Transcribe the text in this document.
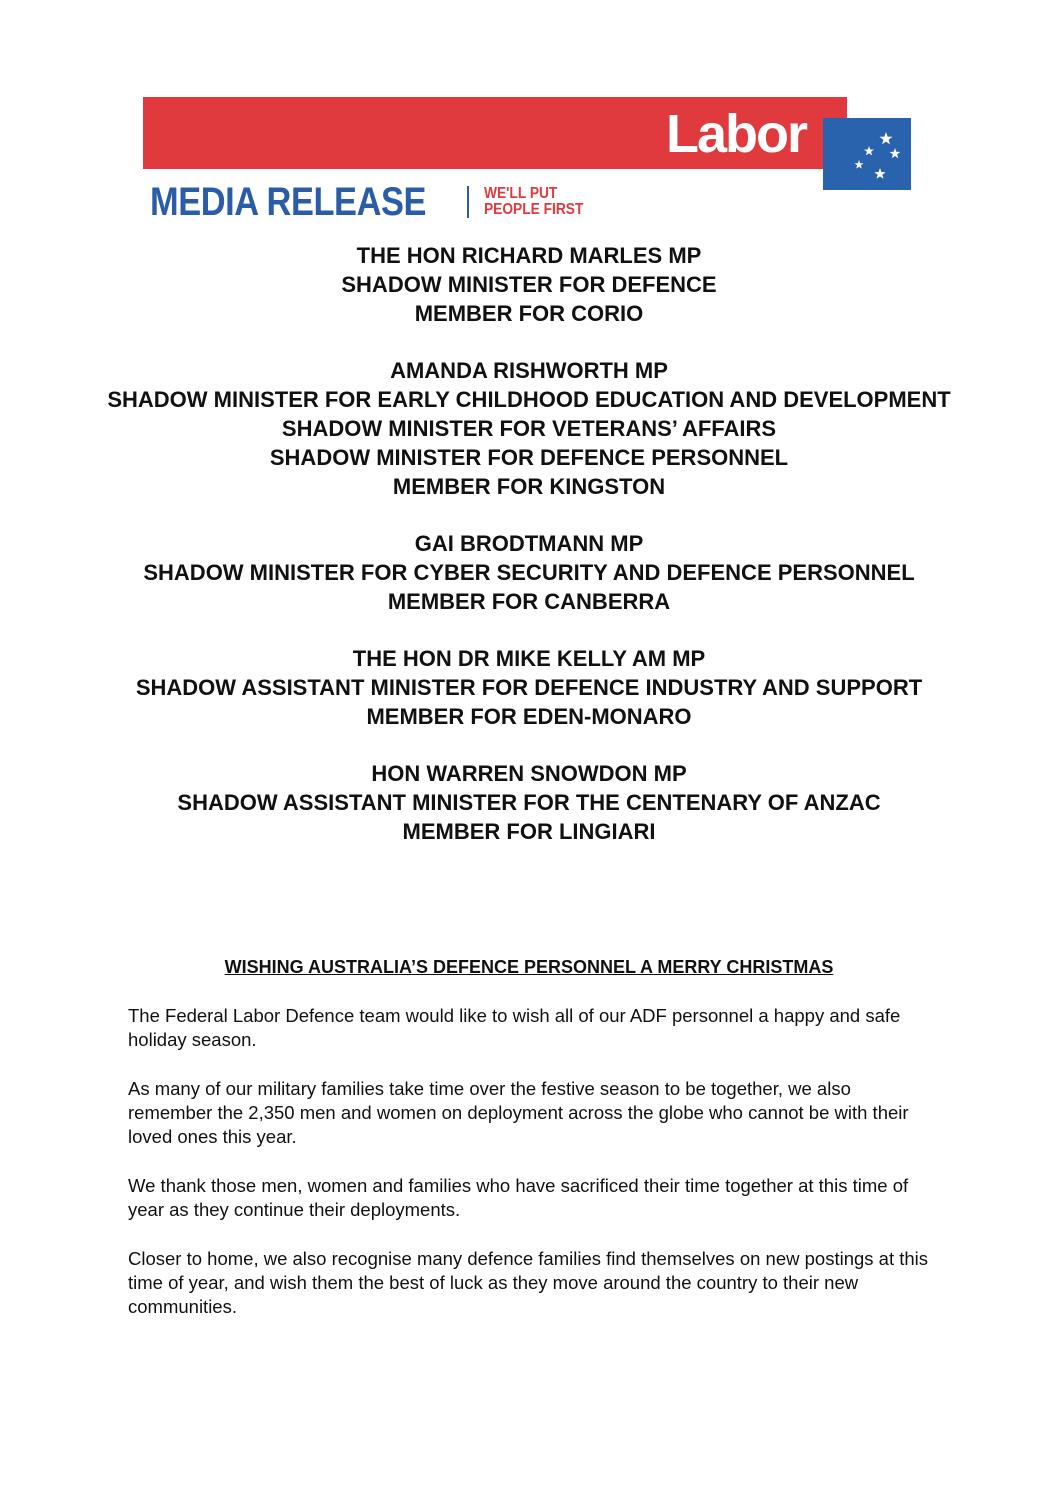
Labor
MEDIA RELEASE	WE'LL PUT
PEOPLE FIRST
THE HON RICHARD MARLES MP
SHADOW MINISTER FOR DEFENCE
MEMBER FOR CORIO
AMANDA RISHWORTH MP
SHADOW MINISTER FOR EARLY CHILDHOOD EDUCATION AND DEVELOPMENT
SHADOW MINISTER FOR VETERANS’ AFFAIRS
SHADOW MINISTER FOR DEFENCE PERSONNEL
MEMBER FOR KINGSTON
GAI BRODTMANN MP
SHADOW MINISTER FOR CYBER SECURITY AND DEFENCE PERSONNEL
MEMBER FOR CANBERRA
THE HON DR MIKE KELLY AM MP
SHADOW ASSISTANT MINISTER FOR DEFENCE INDUSTRY AND SUPPORT
MEMBER FOR EDEN-MONARO
HON WARREN SNOWDON MP
SHADOW ASSISTANT MINISTER FOR THE CENTENARY OF ANZAC
MEMBER FOR LINGIARI
WISHING AUSTRALIA’S DEFENCE PERSONNEL A MERRY CHRISTMAS

The Federal Labor Defence team would like to wish all of our ADF personnel a happy and safe holiday season.

As many of our military families take time over the festive season to be together, we also remember the 2,350 men and women on deployment across the globe who cannot be with their loved ones this year.

We thank those men, women and families who have sacrificed their time together at this time of year as they continue their deployments.

Closer to home, we also recognise many defence families find themselves on new postings at this time of year, and wish them the best of luck as they move around the country to their new communities.
